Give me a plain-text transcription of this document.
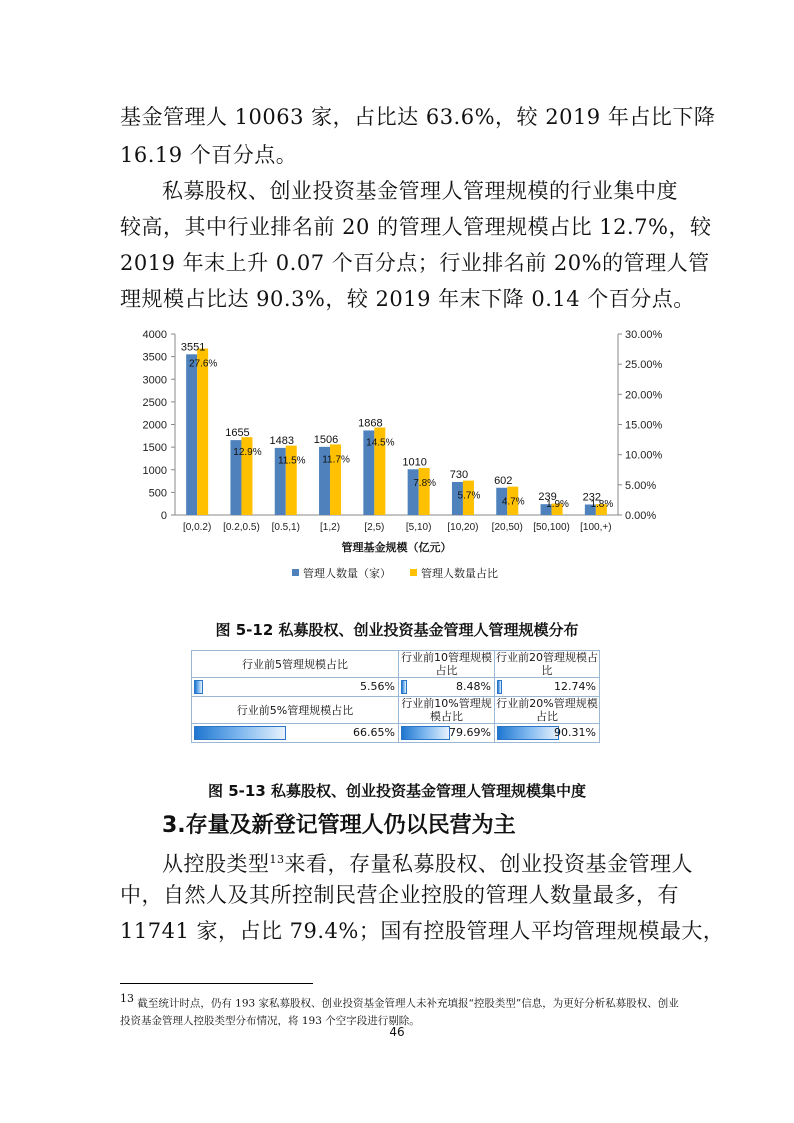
基金管理人 10063 家，占比达 63.6%，较 2019 年占比下降
16.19 个百分点。
私募股权、创业投资基金管理人管理规模的行业集中度
较高，其中行业排名前 20 的管理人管理规模占比 12.7%，较
2019 年末上升 0.07 个百分点；行业排名前 20%的管理人管
理规模占比达 90.3%，较 2019 年末下降 0.14 个百分点。
0
500
1000
1500
2000
2500
3000
3500
4000
0.00%
5.00%
10.00%
15.00%
20.00%
25.00%
30.00%
3551
27.6%
[0,0.2)
1655
12.9%
[0.2,0.5)
1483
11.5%
[0.5,1)
1506
11.7%
[1,2)
1868
14.5%
[2,5)
1010
7.8%
[5,10)
730
5.7%
[10,20)
602
4.7%
[20,50)
239
1.9%
[50,100)
232
1.8%
[100,+)
管理基金规模（亿元）
管理人数量（家）	管理人数量占比
图 5-12 私募股权、创业投资基金管理人管理规模分布
行业前5管理规模占比	行业前10管理规模占比	行业前20管理规模占比

5.56%	8.48%	12.74%

行业前5%管理规模占比	行业前10%管理规模占比	行业前20%管理规模占比

66.65%	79.69%	90.31%
图 5-13 私募股权、创业投资基金管理人管理规模集中度
3.存量及新登记管理人仍以民营为主
从控股类型$^{13}$来看，存量私募股权、创业投资基金管理人
中，自然人及其所控制民营企业控股的管理人数量最多，有
11741 家，占比 79.4%；国有控股管理人平均管理规模最大，
$^{13}$ 截至统计时点，仍有 193 家私募股权、创业投资基金管理人未补充填报“控股类型”信息，为更好分析私募股权、创业投资基金管理人控股类型分布情况，将 193 个空字段进行剔除。
46
